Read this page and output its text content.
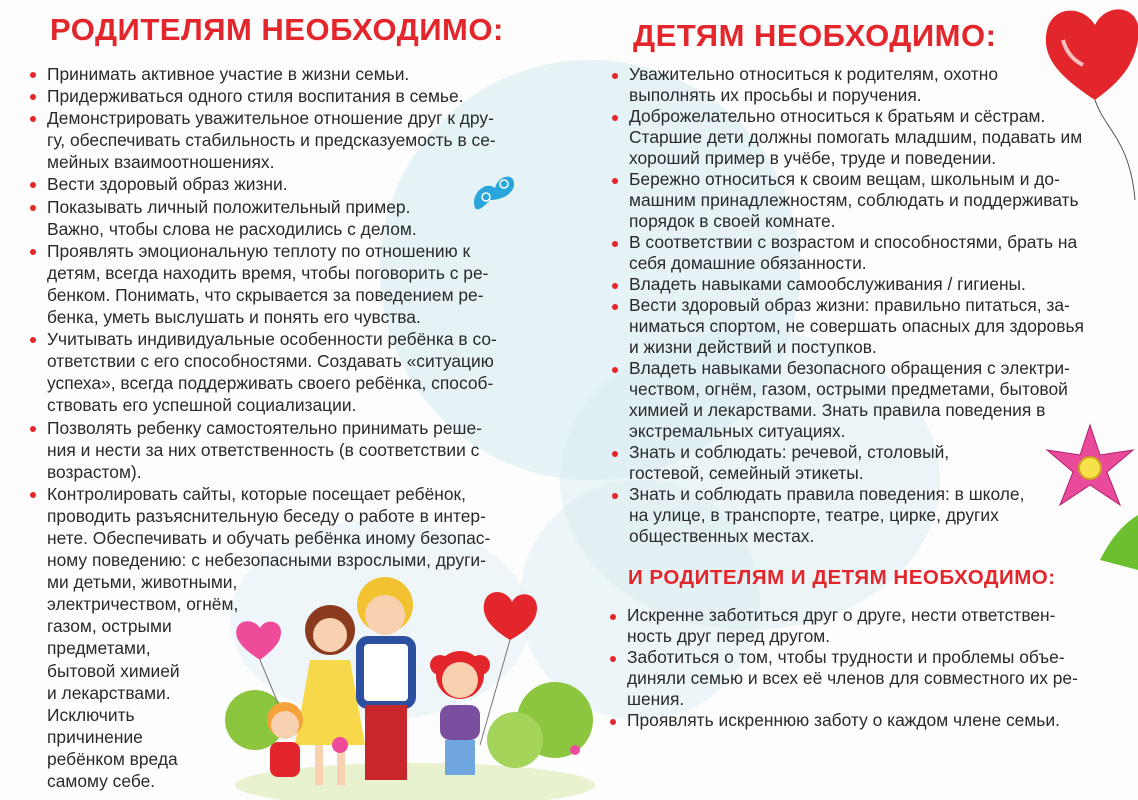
РОДИТЕЛЯМ НЕОБХОДИМО:
Принимать активное участие в жизни семьи.
Придерживаться одного стиля воспитания в семье.
Демонстрировать уважительное отношение друг к дру-
гу, обеспечивать стабильность и предсказуемость в се-
мейных взаимоотношениях.
Вести здоровый образ жизни.
Показывать личный положительный пример.
Важно, чтобы слова не расходились с делом.
Проявлять эмоциональную теплоту по отношению к
детям, всегда находить время, чтобы поговорить с ре-
бенком. Понимать, что скрывается за поведением ре-
бенка, уметь выслушать и понять его чувства.
Учитывать индивидуальные особенности ребёнка в со-
ответствии с его способностями. Создавать «ситуацию
успеха», всегда поддерживать своего ребёнка, способ-
ствовать его успешной социализации.
Позволять ребенку самостоятельно принимать реше-
ния и нести за них ответственность (в соответствии с
возрастом).
Контролировать сайты, которые посещает ребёнок,
проводить разъяснительную беседу о работе в интер-
нете. Обеспечивать и обучать ребёнка иному безопас-
ному поведению: с небезопасными взрослыми, други-
ми детьми, животными,
электричеством, огнём,
газом, острыми
предметами,
бытовой химией
и лекарствами.
Исключить
причинение
ребёнком вреда
самому себе.
ДЕТЯМ НЕОБХОДИМО:
Уважительно относиться к родителям, охотно
выполнять их просьбы и поручения.
Доброжелательно относиться к братьям и сёстрам.
Старшие дети должны помогать младшим, подавать им
хороший пример в учёбе, труде и поведении.
Бережно относиться к своим вещам, школьным и до-
машним принадлежностям, соблюдать и поддерживать
порядок в своей комнате.
В соответствии с возрастом и способностями, брать на
себя домашние обязанности.
Владеть навыками самообслуживания / гигиены.
Вести здоровый образ жизни: правильно питаться, за-
ниматься спортом, не совершать опасных для здоровья
и жизни действий и поступков.
Владеть навыками безопасного обращения с электри-
чеством, огнём, газом, острыми предметами, бытовой
химией и лекарствами. Знать правила поведения в
экстремальных ситуациях.
Знать и соблюдать: речевой, столовый,
гостевой, семейный этикеты.
Знать и соблюдать правила поведения: в школе,
на улице, в транспорте, театре, цирке, других
общественных местах.
И РОДИТЕЛЯМ И ДЕТЯМ НЕОБХОДИМО:
Искренне заботиться друг о друге, нести ответствен-
ность друг перед другом.
Заботиться о том, чтобы трудности и проблемы объе-
диняли семью и всех её членов для совместного их ре-
шения.
Проявлять искреннюю заботу о каждом члене семьи.
